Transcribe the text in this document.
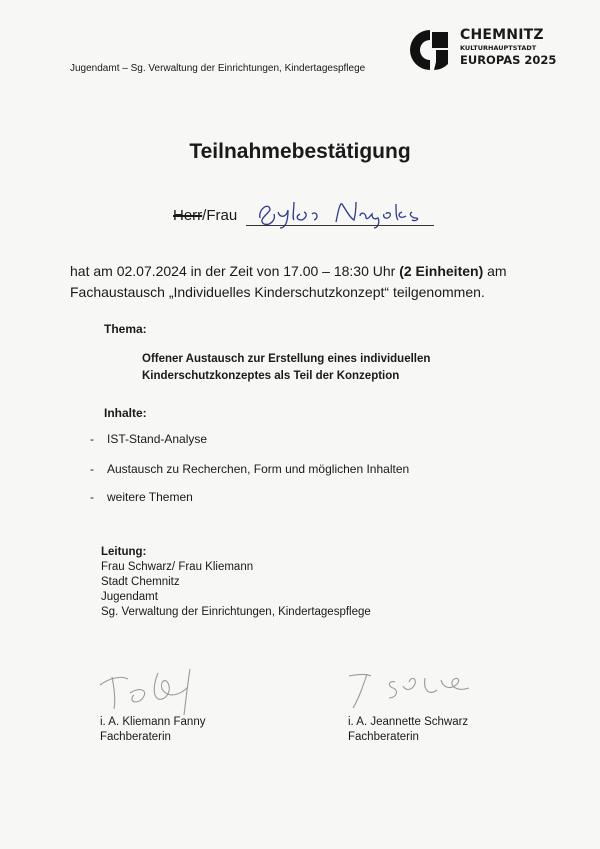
Jugendamt – Sg. Verwaltung der Einrichtungen, Kindertagespflege
CHEMNITZ
KULTURHAUPTSTADT
EUROPAS 2025
Teilnahmebestätigung
Herr/Frau
hat am 02.07.2024 in der Zeit von 17.00 – 18:30 Uhr (2 Einheiten) am
Fachaustausch „Individuelles Kinderschutzkonzept“ teilgenommen.
Thema:
Offener Austausch zur Erstellung eines individuellen
Kinderschutzkonzeptes als Teil der Konzeption
Inhalte:
- IST-Stand-Analyse
- Austausch zu Recherchen, Form und möglichen Inhalten
- weitere Themen
Leitung:
Frau Schwarz/ Frau Kliemann
Stadt Chemnitz
Jugendamt
Sg. Verwaltung der Einrichtungen, Kindertagespflege
i. A. Kliemann Fanny
Fachberaterin
i. A. Jeannette Schwarz
Fachberaterin
